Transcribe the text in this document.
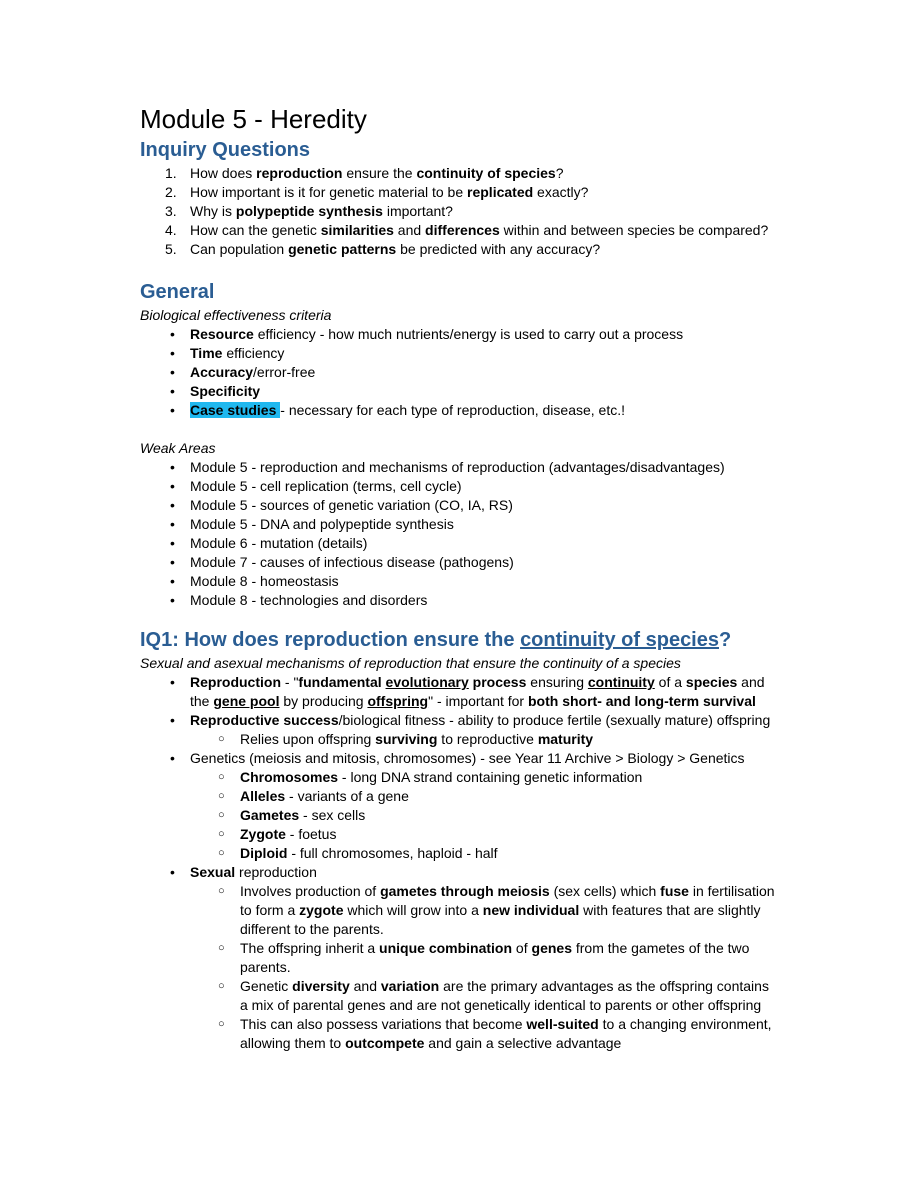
Module 5 - Heredity
Inquiry Questions
1. How does reproduction ensure the continuity of species?
2. How important is it for genetic material to be replicated exactly?
3. Why is polypeptide synthesis important?
4. How can the genetic similarities and differences within and between species be compared?
5. Can population genetic patterns be predicted with any accuracy?
General
Biological effectiveness criteria
• Resource efficiency - how much nutrients/energy is used to carry out a process
• Time efficiency
• Accuracy/error-free
• Specificity
• Case studies - necessary for each type of reproduction, disease, etc.!
Weak Areas
• Module 5 - reproduction and mechanisms of reproduction (advantages/disadvantages)
• Module 5 - cell replication (terms, cell cycle)
• Module 5 - sources of genetic variation (CO, IA, RS)
• Module 5 - DNA and polypeptide synthesis
• Module 6 - mutation (details)
• Module 7 - causes of infectious disease (pathogens)
• Module 8 - homeostasis
• Module 8 - technologies and disorders
IQ1: How does reproduction ensure the continuity of species?
Sexual and asexual mechanisms of reproduction that ensure the continuity of a species
• Reproduction - "fundamental evolutionary process ensuring continuity of a species and the gene pool by producing offspring" - important for both short- and long-term survival
• Reproductive success/biological fitness - ability to produce fertile (sexually mature) offspring
○ Relies upon offspring surviving to reproductive maturity
• Genetics (meiosis and mitosis, chromosomes) - see Year 11 Archive > Biology > Genetics
○ Chromosomes - long DNA strand containing genetic information
○ Alleles - variants of a gene
○ Gametes - sex cells
○ Zygote - foetus
○ Diploid - full chromosomes, haploid - half
• Sexual reproduction
○ Involves production of gametes through meiosis (sex cells) which fuse in fertilisation to form a zygote which will grow into a new individual with features that are slightly different to the parents.
○ The offspring inherit a unique combination of genes from the gametes of the two parents.
○ Genetic diversity and variation are the primary advantages as the offspring contains a mix of parental genes and are not genetically identical to parents or other offspring
○ This can also possess variations that become well-suited to a changing environment, allowing them to outcompete and gain a selective advantage
